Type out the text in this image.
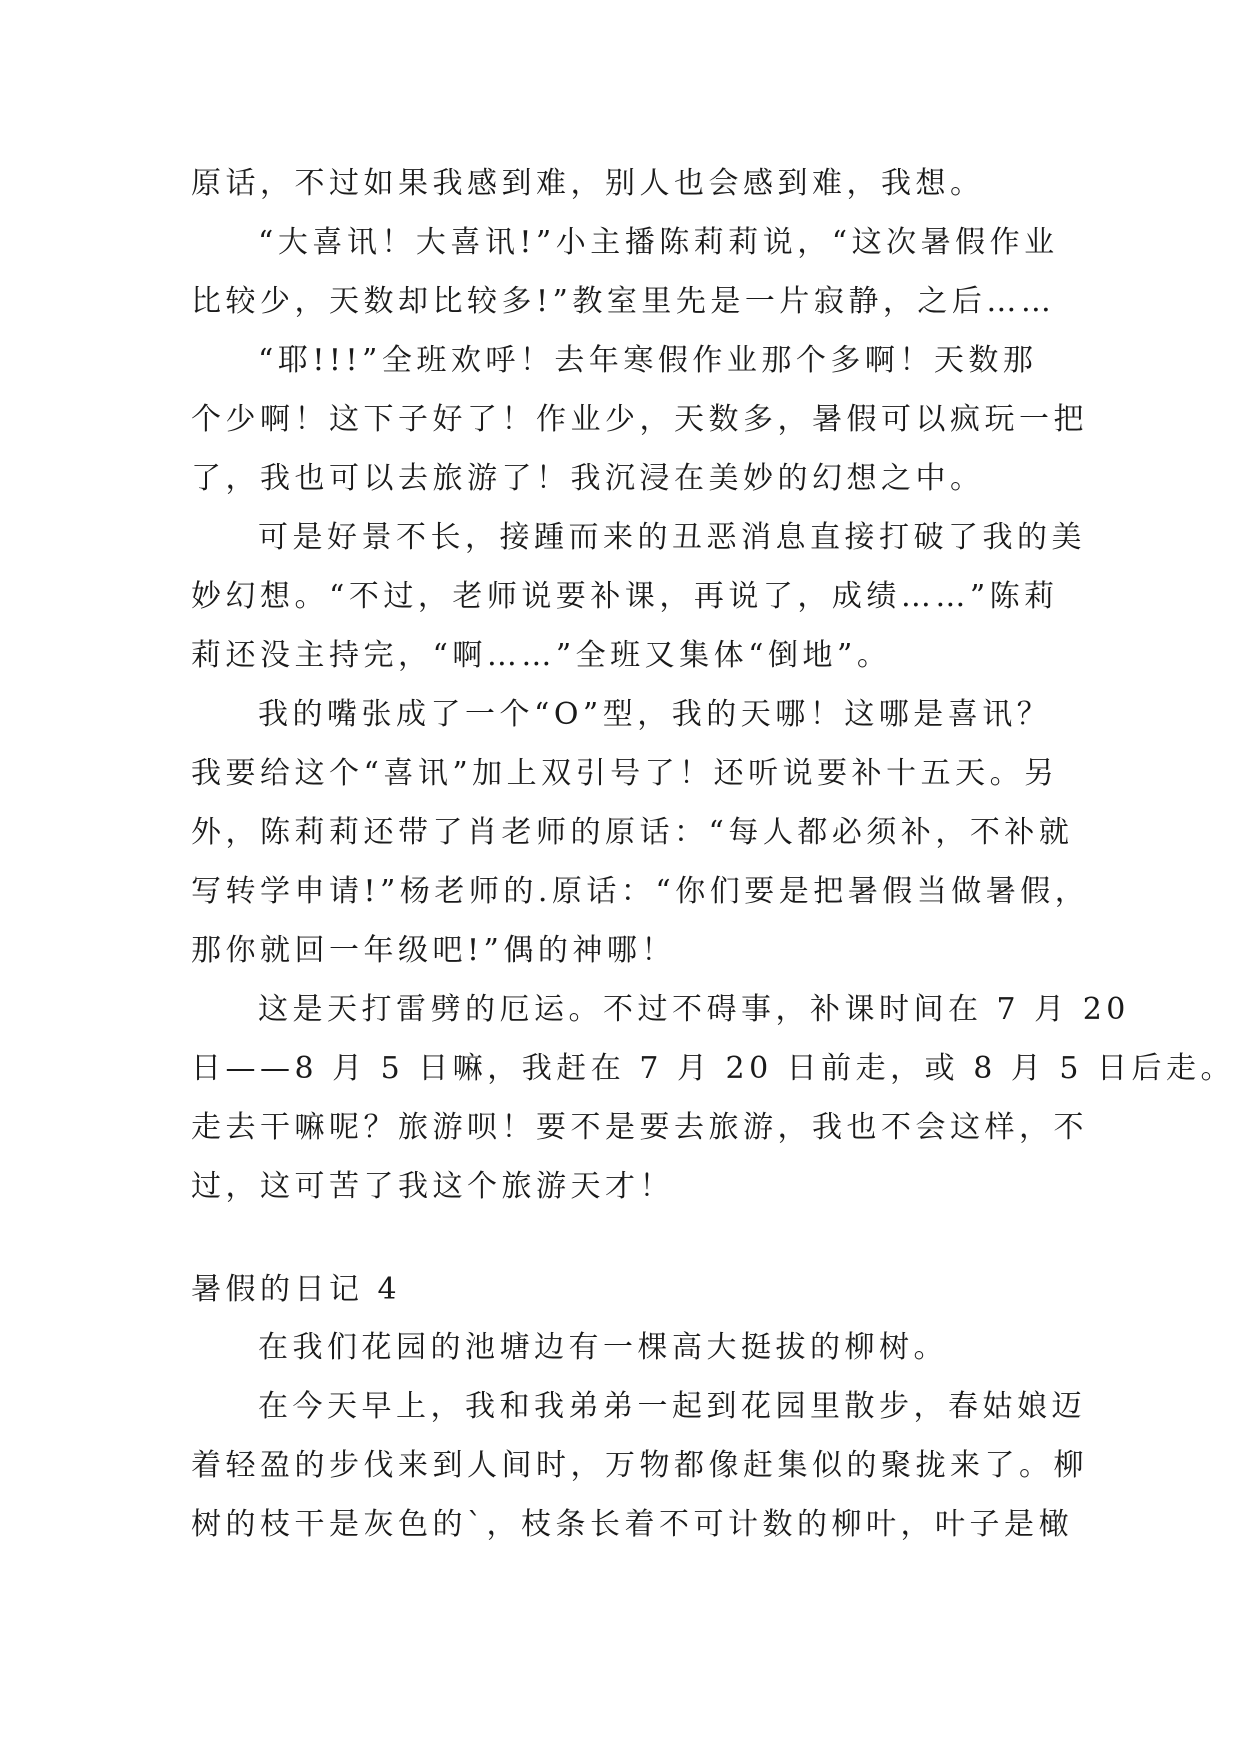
原话，不过如果我感到难，别人也会感到难，我想。

“大喜讯！大喜讯!”小主播陈莉莉说，“这次暑假作业

比较少，天数却比较多!”教室里先是一片寂静，之后……

“耶!!!”全班欢呼！去年寒假作业那个多啊！天数那

个少啊！这下子好了！作业少，天数多，暑假可以疯玩一把

了，我也可以去旅游了！我沉浸在美妙的幻想之中。

可是好景不长，接踵而来的丑恶消息直接打破了我的美

妙幻想。“不过，老师说要补课，再说了，成绩……”陈莉

莉还没主持完，“啊……”全班又集体“倒地”。

我的嘴张成了一个“O”型，我的天哪！这哪是喜讯？

我要给这个“喜讯”加上双引号了！还听说要补十五天。另

外，陈莉莉还带了肖老师的原话：“每人都必须补，不补就

写转学申请!”杨老师的.原话：“你们要是把暑假当做暑假，

那你就回一年级吧!”偶的神哪！

这是天打雷劈的厄运。不过不碍事，补课时间在 7 月 20

日——8 月 5 日嘛，我赶在 7 月 20 日前走，或 8 月 5 日后走。

走去干嘛呢？旅游呗！要不是要去旅游，我也不会这样，不

过，这可苦了我这个旅游天才！

暑假的日记 4

在我们花园的池塘边有一棵高大挺拔的柳树。

在今天早上，我和我弟弟一起到花园里散步，春姑娘迈

着轻盈的步伐来到人间时，万物都像赶集似的聚拢来了。柳

树的枝干是灰色的`，枝条长着不可计数的柳叶，叶子是橄
